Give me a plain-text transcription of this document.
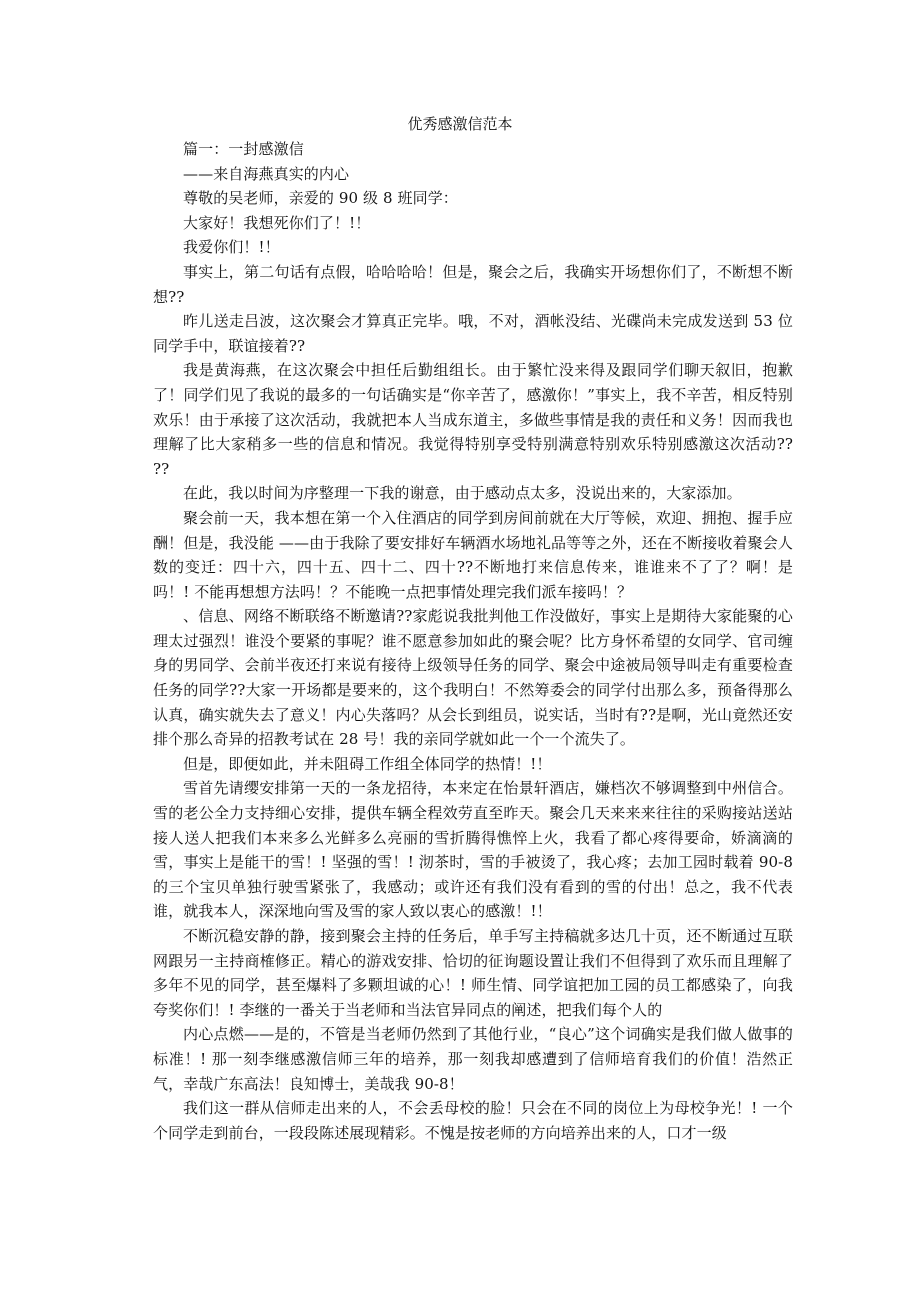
优秀感激信范本

篇一：一封感激信

——来自海燕真实的内心

尊敬的吴老师，亲爱的 90 级 8 班同学：

大家好！我想死你们了！!！

我爱你们！!！

事实上，第二句话有点假，哈哈哈哈！但是，聚会之后，我确实开场想你们了，不断想不断想??

昨儿送走吕波，这次聚会才算真正完毕。哦，不对，酒帐没结、光碟尚未完成发送到 53 位同学手中，联谊接着??

我是黄海燕，在这次聚会中担任后勤组组长。由于繁忙没来得及跟同学们聊天叙旧，抱歉了！同学们见了我说的最多的一句话确实是“你辛苦了，感激你！”事实上，我不辛苦，相反特别欢乐！由于承接了这次活动，我就把本人当成东道主，多做些事情是我的责任和义务！因而我也理解了比大家稍多一些的信息和情况。我觉得特别享受特别满意特别欢乐特别感激这次活动?? ??

在此，我以时间为序整理一下我的谢意，由于感动点太多，没说出来的，大家添加。

聚会前一天，我本想在第一个入住酒店的同学到房间前就在大厅等候，欢迎、拥抱、握手应酬！但是，我没能 ——由于我除了要安排好车辆酒水场地礼品等等之外，还在不断接收着聚会人数的变迁：四十六，四十五、四十二、四十??不断地打来信息传来，谁谁来不了了？啊！是吗！! 不能再想想方法吗！？不能晚一点把事情处理完我们派车接吗！？

、信息、网络不断联络不断邀请??家彪说我批判他工作没做好，事实上是期待大家能聚的心理太过强烈！谁没个要紧的事呢？谁不愿意参加如此的聚会呢？比方身怀希望的女同学、官司缠身的男同学、会前半夜还打来说有接待上级领导任务的同学、聚会中途被局领导叫走有重要检查任务的同学??大家一开场都是要来的，这个我明白！不然筹委会的同学付出那么多，预备得那么认真，确实就失去了意义！内心失落吗？从会长到组员，说实话，当时有??是啊，光山竟然还安排个那么奇异的招教考试在 28 号！我的亲同学就如此一个一个流失了。

但是，即便如此，并未阻碍工作组全体同学的热情！!！

雪首先请缨安排第一天的一条龙招待，本来定在怡景轩酒店，嫌档次不够调整到中州信合。雪的老公全力支持细心安排，提供车辆全程效劳直至昨天。聚会几天来来来往往的采购接站送站接人送人把我们本来多么光鲜多么亮丽的雪折腾得憔悴上火，我看了都心疼得要命，娇滴滴的雪，事实上是能干的雪！! 坚强的雪！! 沏茶时，雪的手被烫了，我心疼；去加工园时载着 90-8 的三个宝贝单独行驶雪紧张了，我感动；或许还有我们没有看到的雪的付出！总之，我不代表谁，就我本人，深深地向雪及雪的家人致以衷心的感激！!！

不断沉稳安静的静，接到聚会主持的任务后，单手写主持稿就多达几十页，还不断通过互联网跟另一主持商榷修正。精心的游戏安排、恰切的征询题设置让我们不但得到了欢乐而且理解了多年不见的同学，甚至爆料了多颗坦诚的心！! 师生情、同学谊把加工园的员工都感染了，向我夸奖你们！! 李继的一番关于当老师和当法官异同点的阐述，把我们每个人的

内心点燃——是的，不管是当老师仍然到了其他行业，“良心”这个词确实是我们做人做事的标准！! 那一刻李继感激信师三年的培养，那一刻我却感遭到了信师培育我们的价值！浩然正气，幸哉广东高法！良知博士，美哉我 90-8！

我们这一群从信师走出来的人，不会丢母校的脸！只会在不同的岗位上为母校争光！! 一个个同学走到前台，一段段陈述展现精彩。不愧是按老师的方向培养出来的人，口才一级
